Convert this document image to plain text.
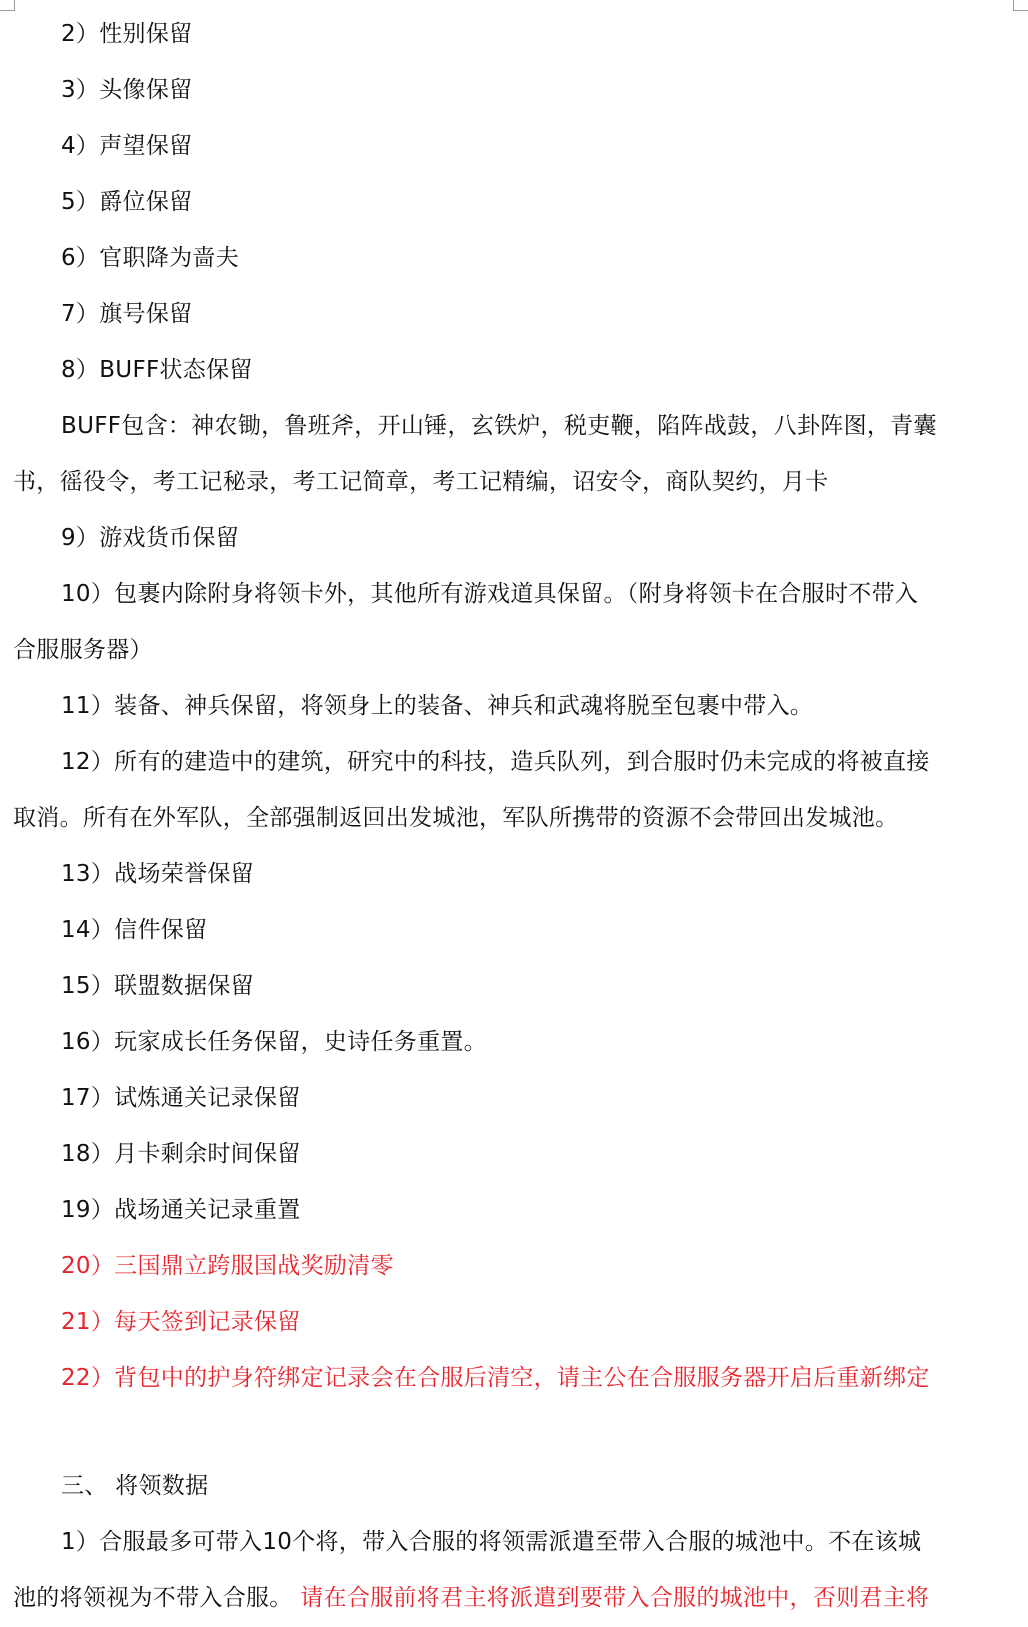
2）性别保留
3）头像保留
4）声望保留
5）爵位保留
6）官职降为啬夫
7）旗号保留
8）BUFF状态保留
BUFF包含：神农锄，鲁班斧，开山锤，玄铁炉，税吏鞭，陷阵战鼓，八卦阵图，青囊
书，徭役令，考工记秘录，考工记简章，考工记精编，诏安令，商队契约，月卡
9）游戏货币保留
10）包裹内除附身将领卡外，其他所有游戏道具保留。（附身将领卡在合服时不带入
合服服务器）
11）装备、神兵保留，将领身上的装备、神兵和武魂将脱至包裹中带入。
12）所有的建造中的建筑，研究中的科技，造兵队列，到合服时仍未完成的将被直接
取消。所有在外军队，全部强制返回出发城池，军队所携带的资源不会带回出发城池。
13）战场荣誉保留
14）信件保留
15）联盟数据保留
16）玩家成长任务保留，史诗任务重置。
17）试炼通关记录保留
18）月卡剩余时间保留
19）战场通关记录重置
20）三国鼎立跨服国战奖励清零
21）每天签到记录保留
22）背包中的护身符绑定记录会在合服后清空，请主公在合服服务器开启后重新绑定
三、 将领数据
1）合服最多可带入10个将，带入合服的将领需派遣至带入合服的城池中。不在该城
池的将领视为不带入合服。 请在合服前将君主将派遣到要带入合服的城池中，否则君主将
